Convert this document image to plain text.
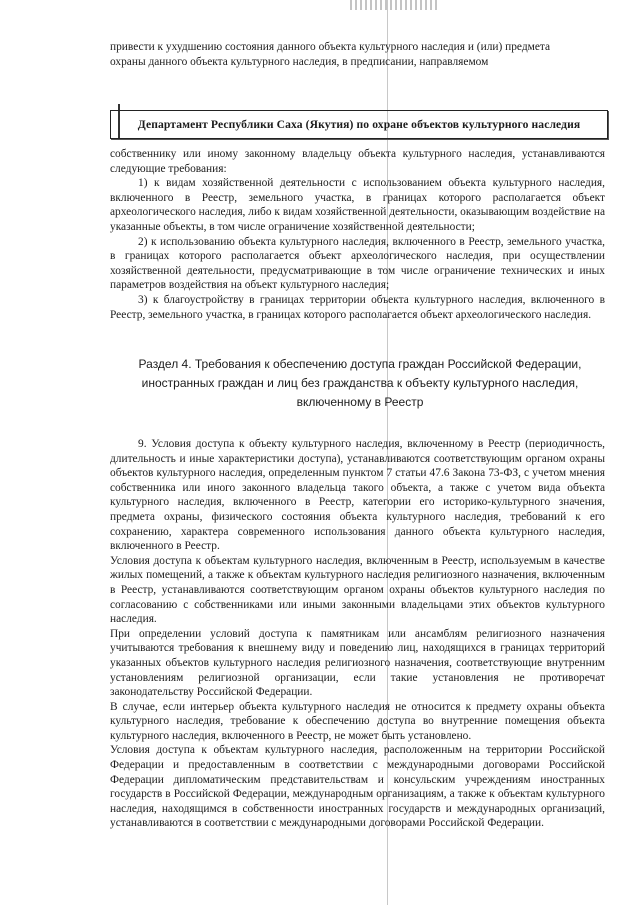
привести к ухудшению состояния данного объекта культурного наследия и (или) предмета

охраны данного объекта культурного наследия, в предписании, направляемом

Департамент Республики Саха (Якутия) по охране объектов культурного наследия

собственнику или иному законному владельцу объекта культурного наследия, устанавливаются следующие требования:

1) к видам хозяйственной деятельности с использованием объекта культурного наследия, включенного в Реестр, земельного участка, в границах которого располагается объект археологического наследия, либо к видам хозяйственной деятельности, оказывающим воздействие на указанные объекты, в том числе ограничение хозяйственной деятельности;

2) к использованию объекта культурного наследия, включенного в Реестр, земельного участка, в границах которого располагается объект археологического наследия, при осуществлении хозяйственной деятельности, предусматривающие в том числе ограничение технических и иных параметров воздействия на объект культурного наследия;

3) к благоустройству в границах территории объекта культурного наследия, включенного в Реестр, земельного участка, в границах которого располагается объект археологического наследия.

Раздел 4. Требования к обеспечению доступа граждан Российской Федерации,
иностранных граждан и лиц без гражданства к объекту культурного наследия,
включенному в Реестр

9. Условия доступа к объекту культурного наследия, включенному в Реестр (периодичность, длительность и иные характеристики доступа), устанавливаются соответствующим органом охраны объектов культурного наследия, определенным пунктом 7 статьи 47.6 Закона 73-ФЗ, с учетом мнения собственника или иного законного владельца такого объекта, а также с учетом вида объекта культурного наследия, включенного в Реестр, категории его историко-культурного значения, предмета охраны, физического состояния объекта культурного наследия, требований к его сохранению, характера современного использования данного объекта культурного наследия, включенного в Реестр.

Условия доступа к объектам культурного наследия, включенным в Реестр, используемым в качестве жилых помещений, а также к объектам культурного наследия религиозного назначения, включенным в Реестр, устанавливаются соответствующим органом охраны объектов культурного наследия по согласованию с собственниками или иными законными владельцами этих объектов культурного наследия.

При определении условий доступа к памятникам или ансамблям религиозного назначения учитываются требования к внешнему виду и поведению лиц, находящихся в границах территорий указанных объектов культурного наследия религиозного назначения, соответствующие внутренним установлениям религиозной организации, если такие установления не противоречат законодательству Российской Федерации.

В случае, если интерьер объекта культурного наследия не относится к предмету охраны объекта культурного наследия, требование к обеспечению доступа во внутренние помещения объекта культурного наследия, включенного в Реестр, не может быть установлено.

Условия доступа к объектам культурного наследия, расположенным на территории Российской Федерации и предоставленным в соответствии с международными договорами Российской Федерации дипломатическим представительствам и консульским учреждениям иностранных государств в Российской Федерации, международным организациям, а также к объектам культурного наследия, находящимся в собственности иностранных государств и международных организаций, устанавливаются в соответствии с международными договорами Российской Федерации.
